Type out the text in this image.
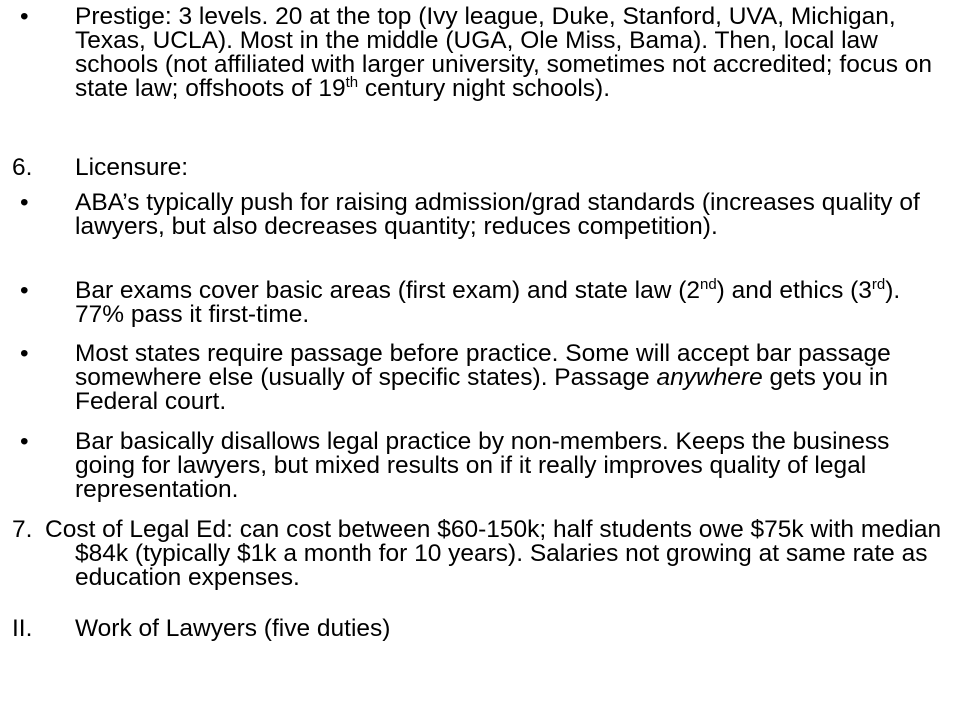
•	Prestige: 3 levels. 20 at the top (Ivy league, Duke, Stanford, UVA, Michigan, Texas, UCLA). Most in the middle (UGA, Ole Miss, Bama). Then, local law schools (not affiliated with larger university, sometimes not accredited; focus on state law; offshoots of 19th century night schools).
6.	Licensure:
•	ABA’s typically push for raising admission/grad standards (increases quality of lawyers, but also decreases quantity; reduces competition).
•	Bar exams cover basic areas (first exam) and state law (2nd) and ethics (3rd). 77% pass it first-time.
•	Most states require passage before practice. Some will accept bar passage somewhere else (usually of specific states). Passage anywhere gets you in Federal court.
•	Bar basically disallows legal practice by non-members. Keeps the business going for lawyers, but mixed results on if it really improves quality of legal representation.
7. Cost of Legal Ed: can cost between $60-150k; half students owe $75k with median $84k (typically $1k a month for 10 years). Salaries not growing at same rate as education expenses.
II.	Work of Lawyers (five duties)
